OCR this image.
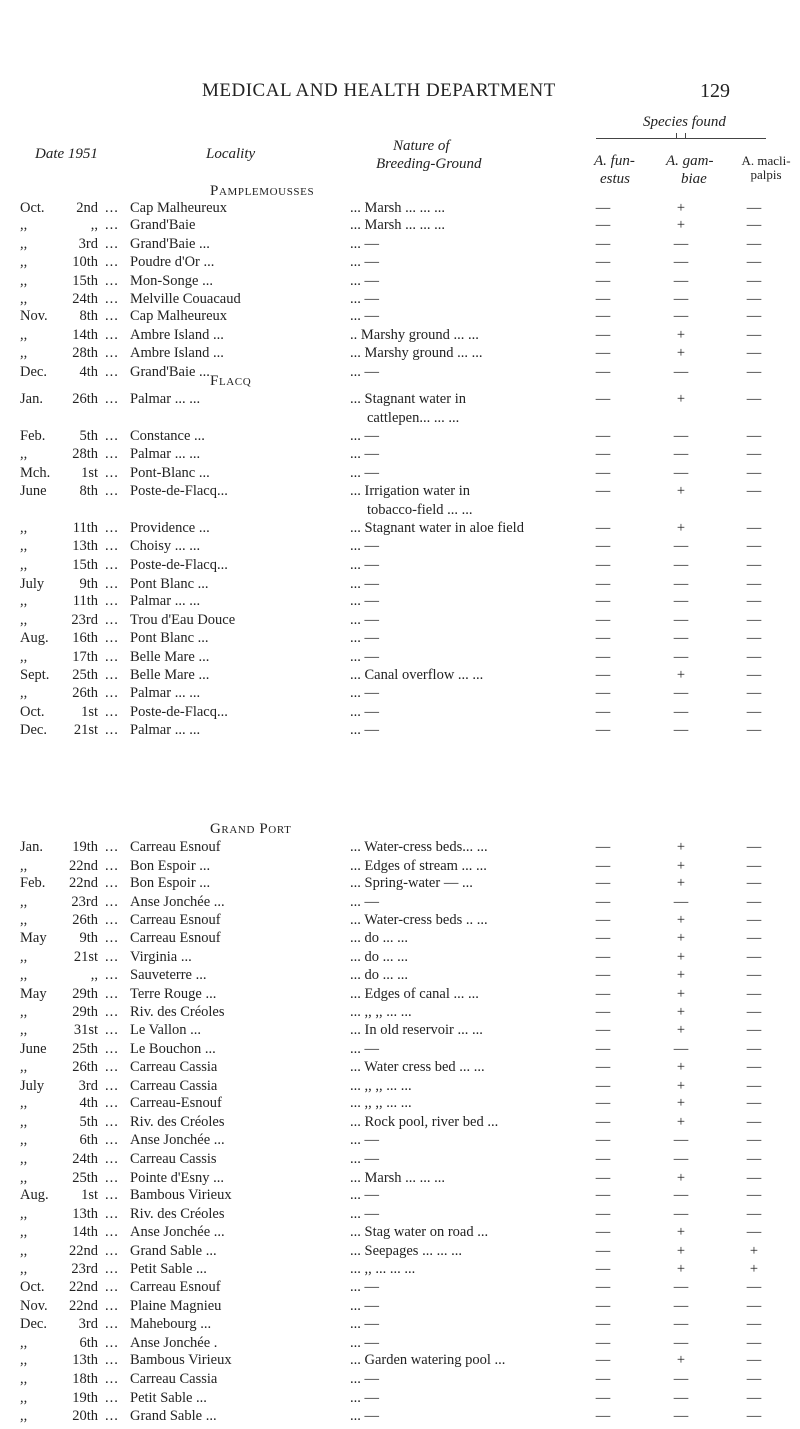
MEDICAL AND HEALTH DEPARTMENT	129
Date 1951	Locality	Nature of
Breeding-Ground
Species found
A. fun-
estus
A. gam-
biae
A. macli-
palpis
Pamplemousses
Flacq
Grand Port
Oct.	2nd ... Cap Malheureux	... Marsh ... ... ...	—	+	—
,,	,, ... Grand'Baie	... Marsh ... ... ...	—	+	—
,,	3rd ... Grand'Baie ...	... —	—	—	—
,,	10th ... Poudre d'Or ...	... —	—	—	—
,,	15th ... Mon-Songe ...	... —	—	—	—
,,	24th ... Melville Couacaud	... —	—	—	—
Nov.	8th ... Cap Malheureux	... —	—	—	—
,,	14th ... Ambre Island ...	.. Marshy ground ... ...	—	+	—
,,	28th ... Ambre Island ...	... Marshy ground ... ...	—	+	—
Dec.	4th ... Grand'Baie ...	... —	—	—	—
Jan.	26th ... Palmar ... ...	... Stagnant water in	—	+	—
cattlepen... ... ...
Feb.	5th ... Constance ...	... —	—	—	—
,,	28th ... Palmar ... ...	... —	—	—	—
Mch.	1st ... Pont-Blanc ...	... —	—	—	—
June	8th ... Poste-de-Flacq...	... Irrigation water in	—	+	—
tobacco-field ... ...
,,	11th ... Providence ...	... Stagnant water in aloe field	—	+	—
,,	13th ... Choisy ... ...	... —	—	—	—
,,	15th ... Poste-de-Flacq...	... —	—	—	—
July	9th ... Pont Blanc ...	... —	—	—	—
,,	11th ... Palmar ... ...	... —	—	—	—
,,	23rd ... Trou d'Eau Douce	... —	—	—	—
Aug.	16th ... Pont Blanc ...	... —	—	—	—
,,	17th ... Belle Mare ...	... —	—	—	—
Sept.	25th ... Belle Mare ...	... Canal overflow ... ...	—	+	—
,,	26th ... Palmar ... ...	... —	—	—	—
Oct.	1st ... Poste-de-Flacq...	... —	—	—	—
Dec.	21st ... Palmar ... ...	... —	—	—	—
Jan.	19th ... Carreau Esnouf	... Water-cress beds... ...	—	+	—
,,	22nd ... Bon Espoir ...	... Edges of stream ... ...	—	+	—
Feb.	22nd ... Bon Espoir ...	... Spring-water — ...	—	+	—
,,	23rd ... Anse Jonchée ...	... —	—	—	—
,,	26th ... Carreau Esnouf	... Water-cress beds .. ...	—	+	—
May	9th ... Carreau Esnouf	... do ... ...	—	+	—
,,	21st ... Virginia ...	... do ... ...	—	+	—
,,	,, ... Sauveterre ...	... do ... ...	—	+	—
May	29th ... Terre Rouge ...	... Edges of canal ... ...	—	+	—
,,	29th ... Riv. des Créoles	... ,, ,, ... ...	—	+	—
,,	31st ... Le Vallon ...	... In old reservoir ... ...	—	+	—
June	25th ... Le Bouchon ...	... —	—	—	—
,,	26th ... Carreau Cassia	... Water cress bed ... ...	—	+	—
July	3rd ... Carreau Cassia	... ,, ,, ... ...	—	+	—
,,	4th ... Carreau-Esnouf	... ,, ,, ... ...	—	+	—
,,	5th ... Riv. des Créoles	... Rock pool, river bed ...	—	+	—
,,	6th ... Anse Jonchée ...	... —	—	—	—
,,	24th ... Carreau Cassis	... —	—	—	—
,,	25th ... Pointe d'Esny ...	... Marsh ... ... ...	—	+	—
Aug.	1st ... Bambous Virieux	... —	—	—	—
,,	13th ... Riv. des Créoles	... —	—	—	—
,,	14th ... Anse Jonchée ...	... Stag water on road ...	—	+	—
,,	22nd ... Grand Sable ...	... Seepages ... ... ...	—	+	+
,,	23rd ... Petit Sable ...	... ,, ... ... ...	—	+	+
Oct.	22nd ... Carreau Esnouf	... —	—	—	—
Nov.	22nd ... Plaine Magnieu	... —	—	—	—
Dec.	3rd ... Mahebourg ...	... —	—	—	—
,,	6th ... Anse Jonchée .	... —	—	—	—
,,	13th ... Bambous Virieux	... Garden watering pool ...	—	+	—
,,	18th ... Carreau Cassia	... —	—	—	—
,,	19th ... Petit Sable ...	... —	—	—	—
,,	20th ... Grand Sable ...	... —	—	—	—
